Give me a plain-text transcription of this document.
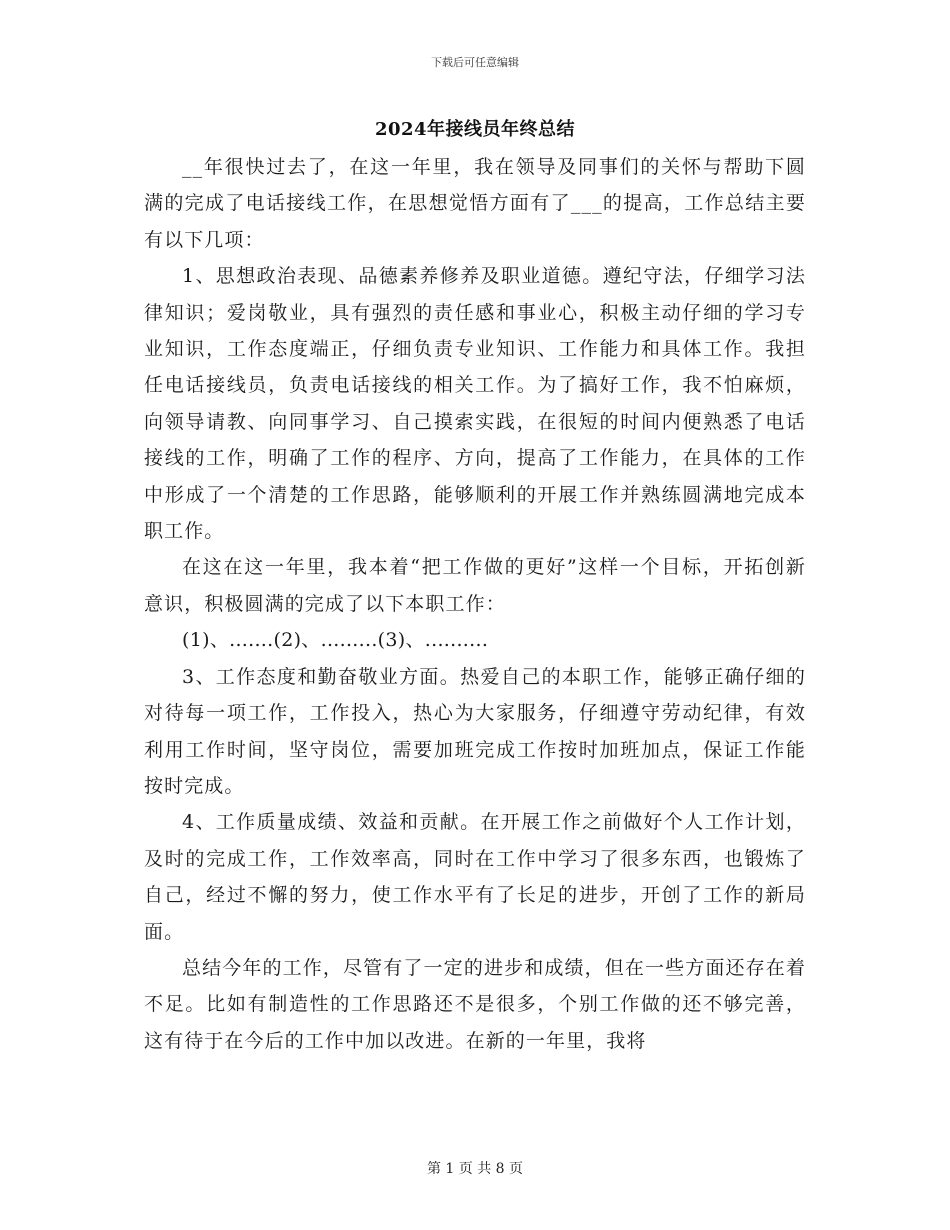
下载后可任意编辑
2024年接线员年终总结

__年很快过去了，在这一年里，我在领导及同事们的关怀与帮助下圆满的完成了电话接线工作，在思想觉悟方面有了___的提高，工作总结主要有以下几项：

1、思想政治表现、品德素养修养及职业道德。遵纪守法，仔细学习法律知识；爱岗敬业，具有强烈的责任感和事业心，积极主动仔细的学习专业知识，工作态度端正，仔细负责专业知识、工作能力和具体工作。我担任电话接线员，负责电话接线的相关工作。为了搞好工作，我不怕麻烦，向领导请教、向同事学习、自己摸索实践，在很短的时间内便熟悉了电话接线的工作，明确了工作的程序、方向，提高了工作能力，在具体的工作中形成了一个清楚的工作思路，能够顺利的开展工作并熟练圆满地完成本职工作。

在这在这一年里，我本着“把工作做的更好”这样一个目标，开拓创新意识，积极圆满的完成了以下本职工作：

(1)、.......(2)、.........(3)、..........

3、工作态度和勤奋敬业方面。热爱自己的本职工作，能够正确仔细的对待每一项工作，工作投入，热心为大家服务，仔细遵守劳动纪律，有效利用工作时间，坚守岗位，需要加班完成工作按时加班加点，保证工作能按时完成。

4、工作质量成绩、效益和贡献。在开展工作之前做好个人工作计划，及时的完成工作，工作效率高，同时在工作中学习了很多东西，也锻炼了自己，经过不懈的努力，使工作水平有了长足的进步，开创了工作的新局面。

总结今年的工作，尽管有了一定的进步和成绩，但在一些方面还存在着不足。比如有制造性的工作思路还不是很多，个别工作做的还不够完善，这有待于在今后的工作中加以改进。在新的一年里，我将

第 1 页 共 8 页
